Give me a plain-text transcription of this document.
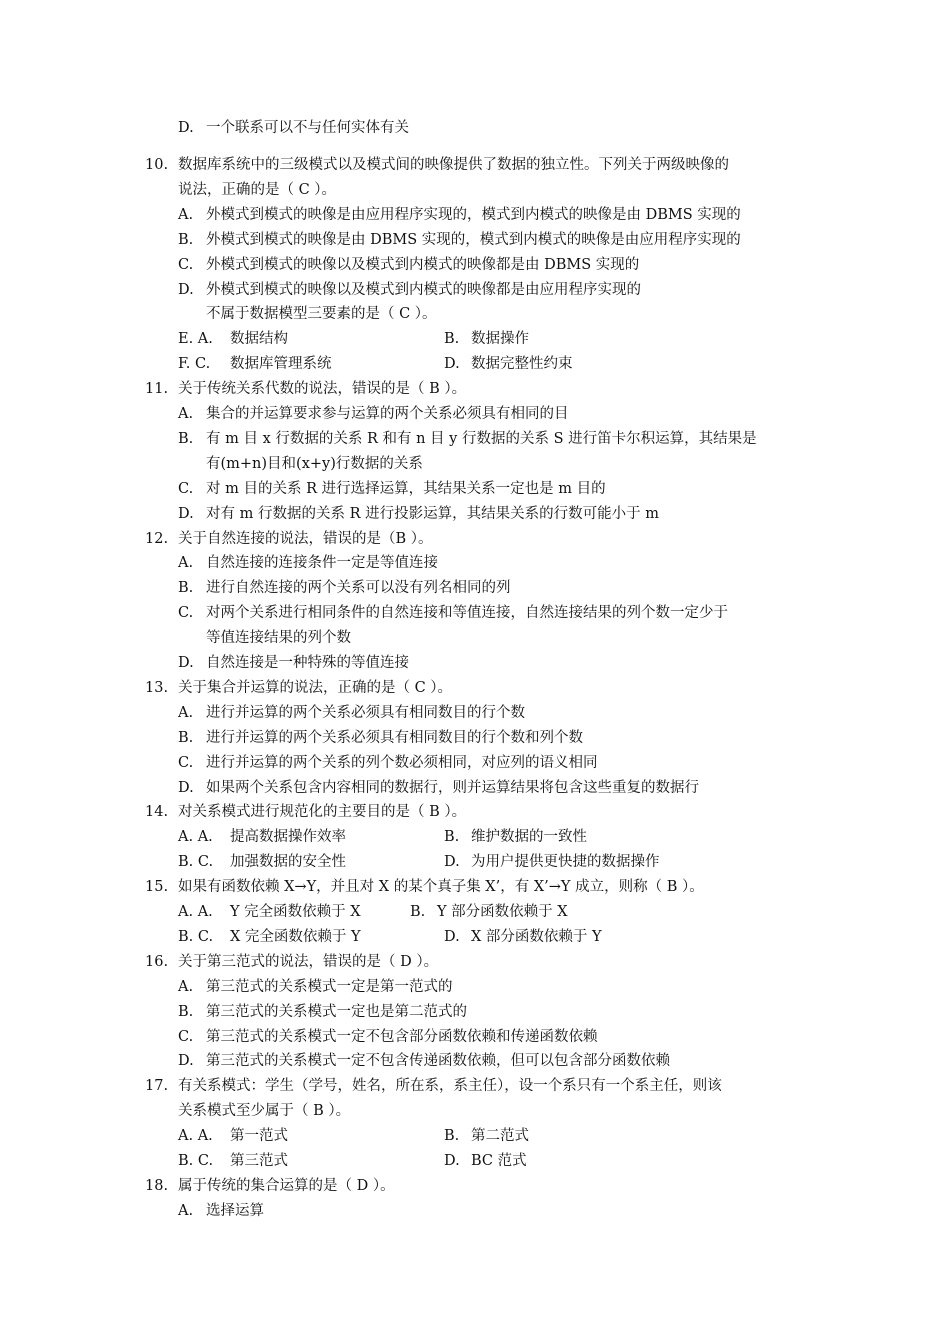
D. 一个联系可以不与任何实体有关
10. 数据库系统中的三级模式以及模式间的映像提供了数据的独立性。下列关于两级映像的
说法，正确的是（ C ）。
A. 外模式到模式的映像是由应用程序实现的，模式到内模式的映像是由 DBMS 实现的
B. 外模式到模式的映像是由 DBMS 实现的，模式到内模式的映像是由应用程序实现的
C. 外模式到模式的映像以及模式到内模式的映像都是由 DBMS 实现的
D. 外模式到模式的映像以及模式到内模式的映像都是由应用程序实现的
不属于数据模型三要素的是（ C ）。
E. A. 数据结构	B. 数据操作
F. C. 数据库管理系统	D. 数据完整性约束
11. 关于传统关系代数的说法，错误的是（ B ）。
A. 集合的并运算要求参与运算的两个关系必须具有相同的目
B. 有 m 目 x 行数据的关系 R 和有 n 目 y 行数据的关系 S 进行笛卡尔积运算，其结果是
有(m+n)目和(x+y)行数据的关系
C. 对 m 目的关系 R 进行选择运算，其结果关系一定也是 m 目的
D. 对有 m 行数据的关系 R 进行投影运算，其结果关系的行数可能小于 m
12. 关于自然连接的说法，错误的是（B ）。
A. 自然连接的连接条件一定是等值连接
B. 进行自然连接的两个关系可以没有列名相同的列
C. 对两个关系进行相同条件的自然连接和等值连接，自然连接结果的列个数一定少于
等值连接结果的列个数
D. 自然连接是一种特殊的等值连接
13. 关于集合并运算的说法，正确的是（ C ）。
A. 进行并运算的两个关系必须具有相同数目的行个数
B. 进行并运算的两个关系必须具有相同数目的行个数和列个数
C. 进行并运算的两个关系的列个数必须相同，对应列的语义相同
D. 如果两个关系包含内容相同的数据行，则并运算结果将包含这些重复的数据行
14. 对关系模式进行规范化的主要目的是（ B ）。
A. A. 提高数据操作效率	B. 维护数据的一致性
B. C. 加强数据的安全性	D. 为用户提供更快捷的数据操作
15. 如果有函数依赖 X→Y，并且对 X 的某个真子集 X’，有 X’→Y 成立，则称（ B ）。
A. A. Y 完全函数依赖于 X	B. Y 部分函数依赖于 X
B. C. X 完全函数依赖于 Y	D. X 部分函数依赖于 Y
16. 关于第三范式的说法，错误的是（ D ）。
A. 第三范式的关系模式一定是第一范式的
B. 第三范式的关系模式一定也是第二范式的
C. 第三范式的关系模式一定不包含部分函数依赖和传递函数依赖
D. 第三范式的关系模式一定不包含传递函数依赖，但可以包含部分函数依赖
17. 有关系模式：学生（学号，姓名，所在系，系主任），设一个系只有一个系主任，则该
关系模式至少属于（ B ）。
A. A. 第一范式	B. 第二范式
B. C. 第三范式	D. BC 范式
18. 属于传统的集合运算的是（ D ）。
A. 选择运算
